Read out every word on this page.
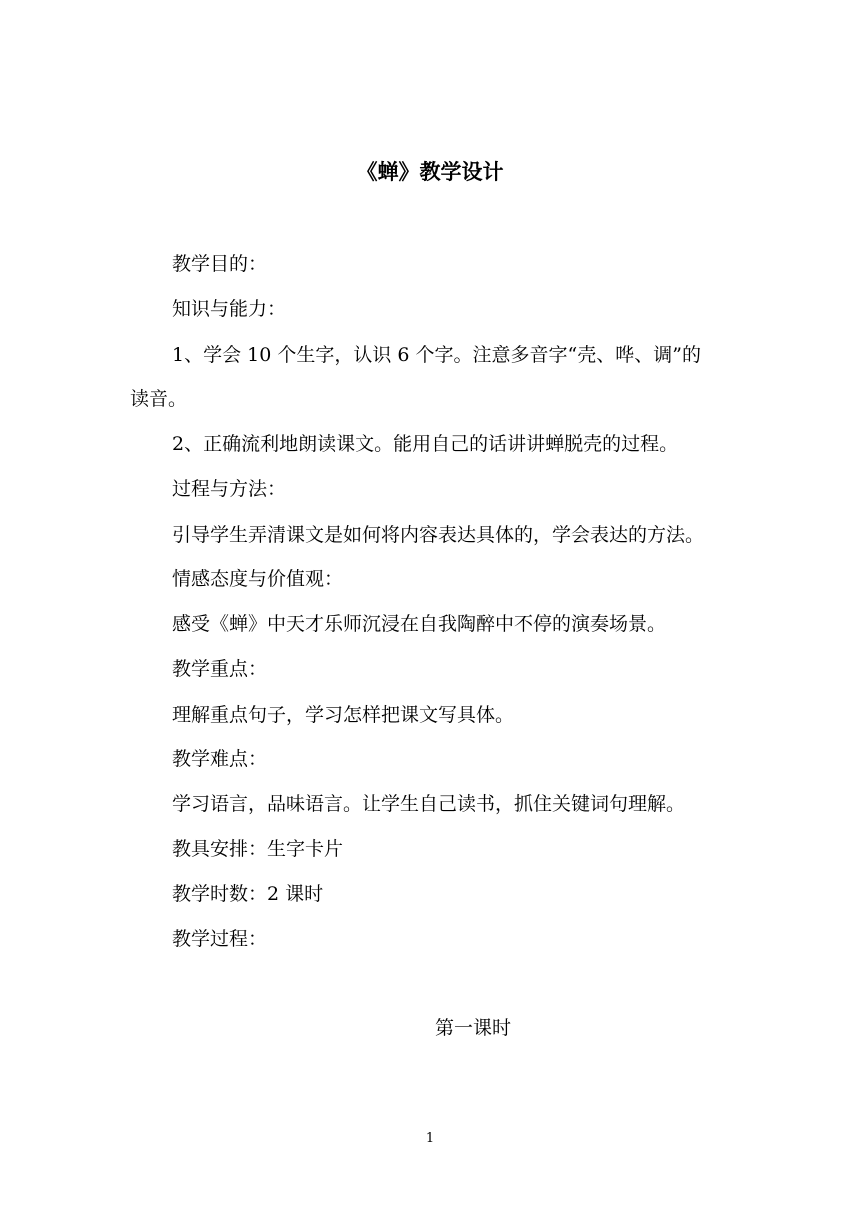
《蝉》教学设计
教学目的：
知识与能力：
1、学会 10 个生字，认识 6 个字。注意多音字“壳、哗、调”的
读音。
2、正确流利地朗读课文。能用自己的话讲讲蝉脱壳的过程。
过程与方法：
引导学生弄清课文是如何将内容表达具体的，学会表达的方法。
情感态度与价值观：
感受《蝉》中天才乐师沉浸在自我陶醉中不停的演奏场景。
教学重点：
理解重点句子，学习怎样把课文写具体。
教学难点：
学习语言，品味语言。让学生自己读书，抓住关键词句理解。
教具安排：生字卡片
教学时数：2 课时
教学过程：
第一课时
1
